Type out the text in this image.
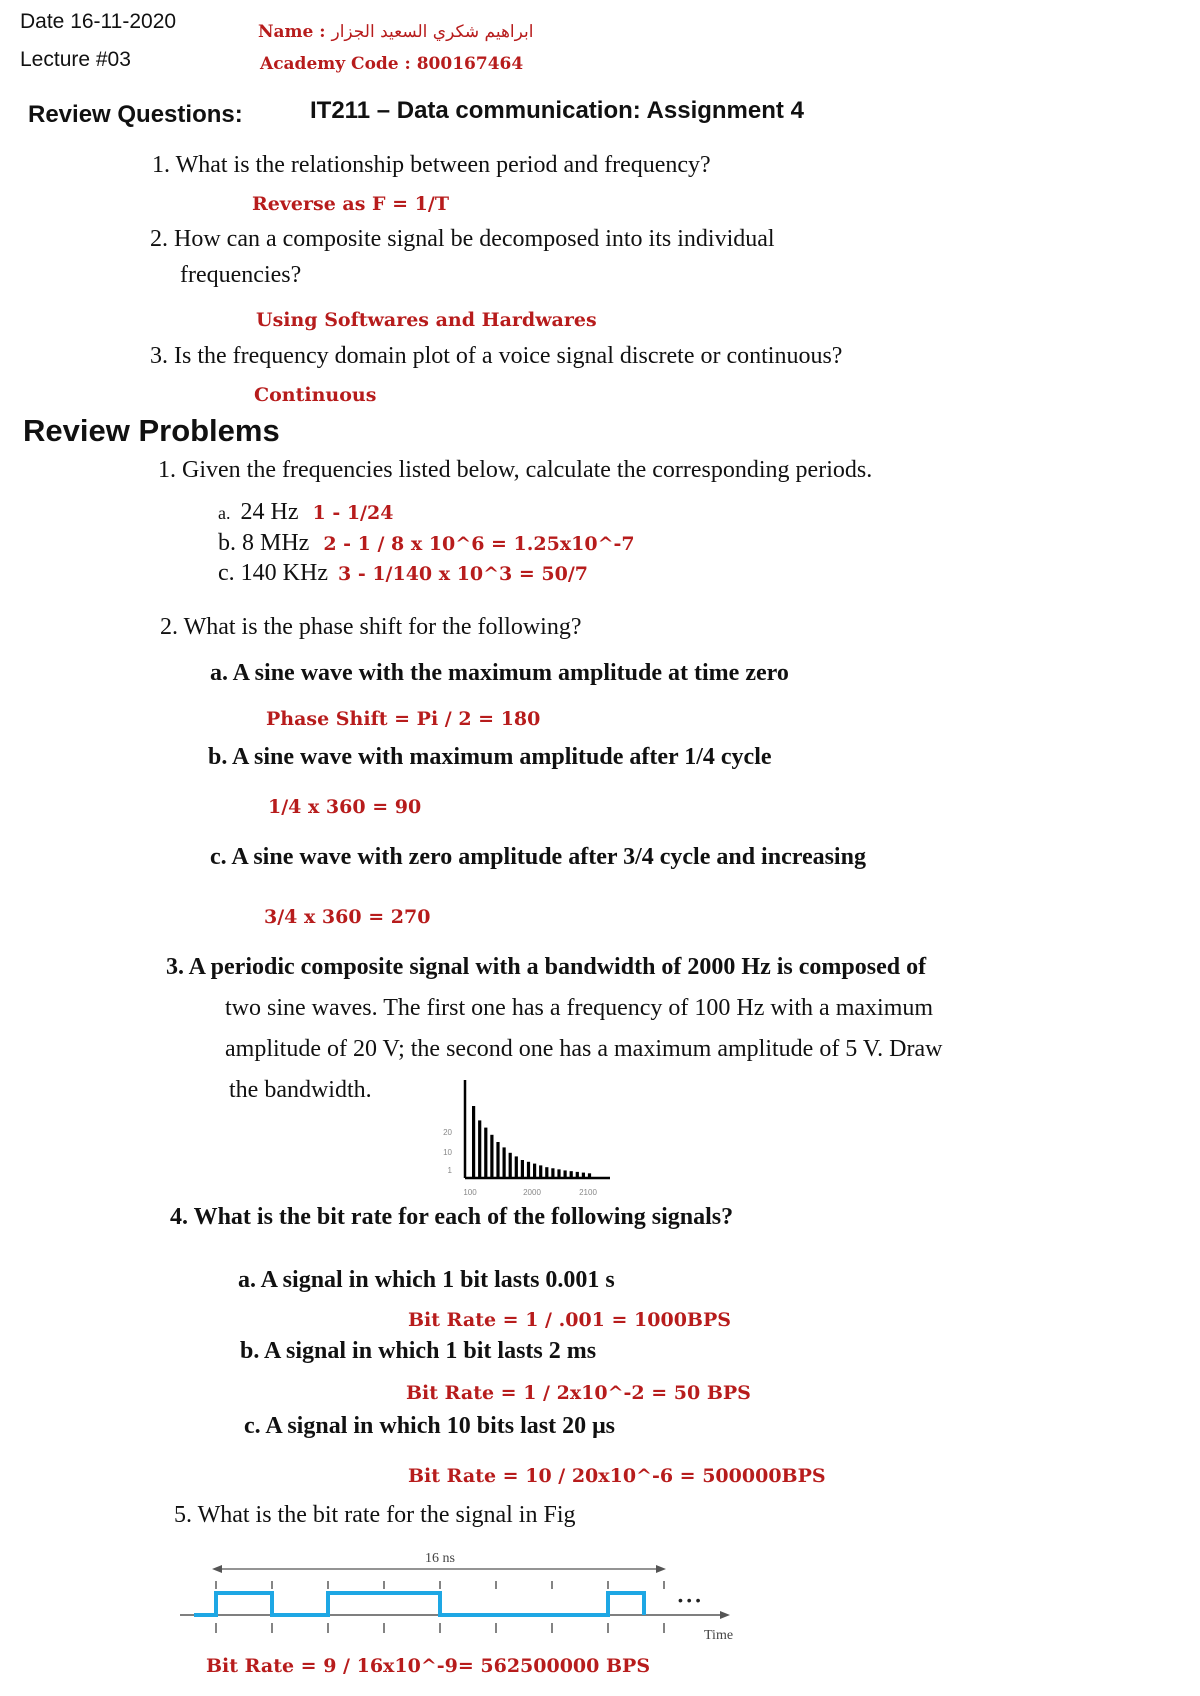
Date 16-11-2020
Lecture #03
Name : ابراهيم شكري السعيد الجزار
Academy Code : 800167464
Review Questions:	IT211 – Data communication: Assignment 4
1. What is the relationship between period and frequency?
Reverse as F = 1/T
2. How can a composite signal be decomposed into its individual
frequencies?
Using Softwares and Hardwares
3. Is the frequency domain plot of a voice signal discrete or continuous?
Continuous
Review Problems
1. Given the frequencies listed below, calculate the corresponding periods.
a. 24 Hz 1 - 1/24
b. 8 MHz 2 - 1 / 8 x 10^6 = 1.25x10^-7
c. 140 KHz 3 - 1/140 x 10^3 = 50/7
2. What is the phase shift for the following?
a. A sine wave with the maximum amplitude at time zero
Phase Shift = Pi / 2 = 180
b. A sine wave with maximum amplitude after 1/4 cycle
1/4 x 360 = 90
c. A sine wave with zero amplitude after 3/4 cycle and increasing
3/4 x 360 = 270
3. A periodic composite signal with a bandwidth of 2000 Hz is composed of
two sine waves. The first one has a frequency of 100 Hz with a maximum
amplitude of 20 V; the second one has a maximum amplitude of 5 V. Draw
the bandwidth.
20
10
1
100	2000	2100
4. What is the bit rate for each of the following signals?
a. A signal in which 1 bit lasts 0.001 s
Bit Rate = 1 / .001 = 1000BPS
b. A signal in which 1 bit lasts 2 ms
Bit Rate = 1 / 2x10^-2 = 50 BPS
c. A signal in which 10 bits last 20 μs
Bit Rate = 10 / 20x10^-6 = 500000BPS
5. What is the bit rate for the signal in Fig
16 ns
• • •
Time
Bit Rate = 9 / 16x10^-9= 562500000 BPS
